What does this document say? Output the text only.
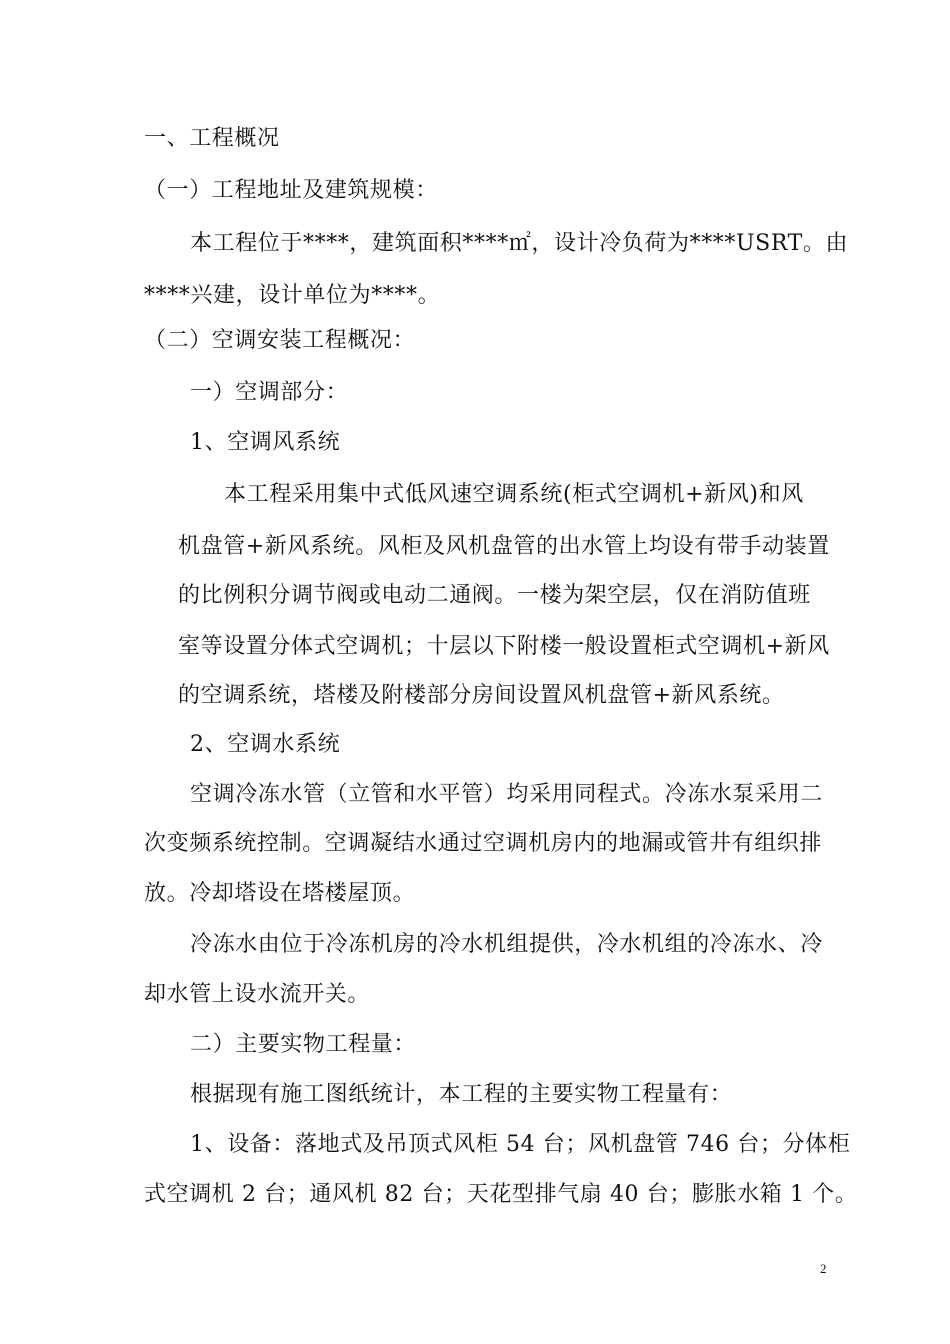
一、工程概况
（一）工程地址及建筑规模：
本工程位于****，建筑面积****㎡，设计冷负荷为****USRT。由
****兴建，设计单位为****。
（二）空调安装工程概况：
一）空调部分：
1、空调风系统
本工程采用集中式低风速空调系统(柜式空调机+新风)和风
机盘管+新风系统。风柜及风机盘管的出水管上均设有带手动装置
的比例积分调节阀或电动二通阀。一楼为架空层，仅在消防值班
室等设置分体式空调机；十层以下附楼一般设置柜式空调机+新风
的空调系统，塔楼及附楼部分房间设置风机盘管+新风系统。
2、空调水系统
空调冷冻水管（立管和水平管）均采用同程式。冷冻水泵采用二
次变频系统控制。空调凝结水通过空调机房内的地漏或管井有组织排
放。冷却塔设在塔楼屋顶。
冷冻水由位于冷冻机房的冷水机组提供，冷水机组的冷冻水、冷
却水管上设水流开关。
二）主要实物工程量：
根据现有施工图纸统计，本工程的主要实物工程量有：
1、设备：落地式及吊顶式风柜 54 台；风机盘管 746 台；分体柜
式空调机 2 台；通风机 82 台；天花型排气扇 40 台；膨胀水箱 1 个。
2
